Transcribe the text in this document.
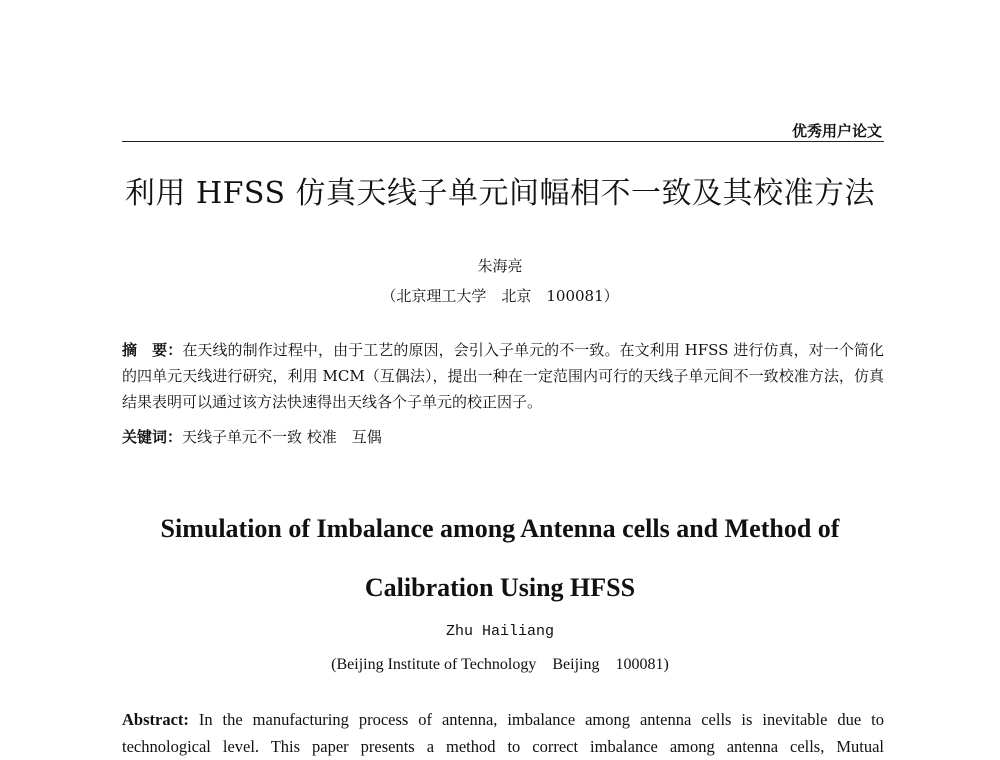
优秀用户论文
利用 HFSS 仿真天线子单元间幅相不一致及其校准方法
朱海亮
（北京理工大学　北京　100081）
摘　要：在天线的制作过程中，由于工艺的原因，会引入子单元的不一致。在文利用 HFSS 进行仿真，对一个简化的四单元天线进行研究，利用 MCM（互偶法），提出一种在一定范围内可行的天线子单元间不一致校准方法，仿真结果表明可以通过该方法快速得出天线各个子单元的校正因子。
关键词：天线子单元不一致 校准　互偶
Simulation of Imbalance among Antenna cells and Method of
Calibration Using HFSS
Zhu Hailiang
(Beijing Institute of Technology　Beijing　100081)
Abstract: In the manufacturing process of antenna, imbalance among antenna cells is inevitable due to technological level. This paper presents a method to correct imbalance among antenna cells, Mutual
